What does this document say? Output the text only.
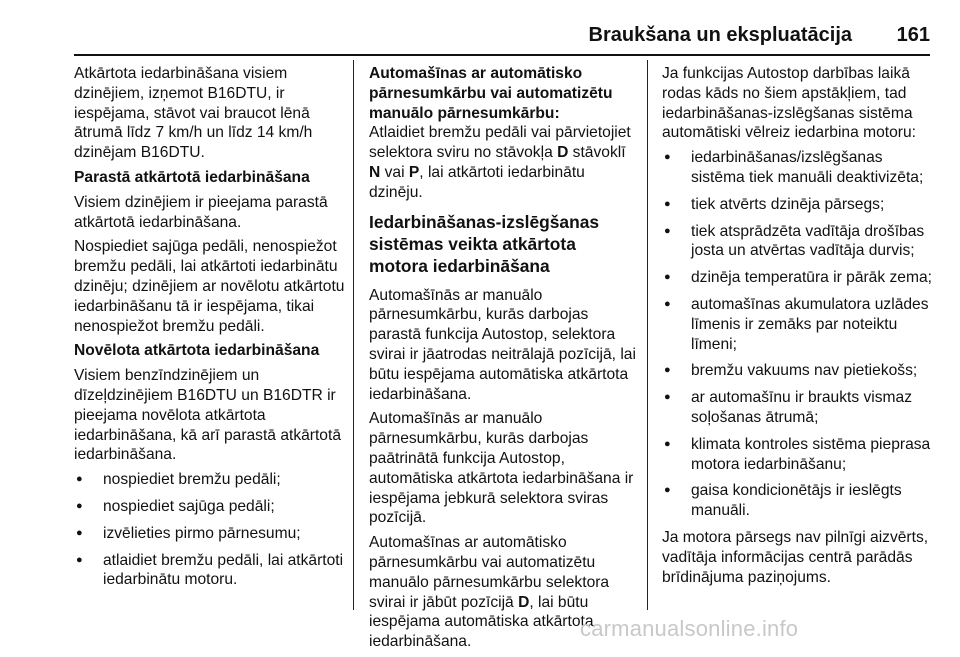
Braukšana un ekspluatācija 161

Atkārtota iedarbināšana visiem dzinējiem, izņemot B16DTU, ir iespējama, stāvot vai braucot lēnā ātrumā līdz 7 km/h un līdz 14 km/h dzinējam B16DTU.

Parastā atkārtotā iedarbināšana

Visiem dzinējiem ir pieejama parastā atkārtotā iedarbināšana.

Nospiediet sajūga pedāli, nenospiežot bremžu pedāli, lai atkārtoti iedarbinātu dzinēju; dzinējiem ar novēlotu atkārtotu iedarbināšanu tā ir iespējama, tikai nenospiežot bremžu pedāli.

Novēlota atkārtota iedarbināšana

Visiem benzīndzinējiem un dīzeļdzinējiem B16DTU un B16DTR ir pieejama novēlota atkārtota iedarbināšana, kā arī parastā atkārtotā iedarbināšana.

● nospiediet bremžu pedāli;
● nospiediet sajūga pedāli;
● izvēlieties pirmo pārnesumu;
● atlaidiet bremžu pedāli, lai atkārtoti iedarbinātu motoru.

Automašīnas ar automātisko pārnesumkārbu vai automatizētu manuālo pārnesumkārbu:

Atlaidiet bremžu pedāli vai pārvietojiet selektora sviru no stāvokļa D stāvoklī N vai P, lai atkārtoti iedarbinātu dzinēju.

Iedarbināšanas-izslēgšanas sistēmas veikta atkārtota motora iedarbināšana

Automašīnās ar manuālo pārnesumkārbu, kurās darbojas parastā funkcija Autostop, selektora svirai ir jāatrodas neitrālajā pozīcijā, lai būtu iespējama automātiska atkārtota iedarbināšana.

Automašīnās ar manuālo pārnesumkārbu, kurās darbojas paātrinātā funkcija Autostop, automātiska atkārtota iedarbināšana ir iespējama jebkurā selektora sviras pozīcijā.

Automašīnas ar automātisko pārnesumkārbu vai automatizētu manuālo pārnesumkārbu selektora svirai ir jābūt pozīcijā D, lai būtu iespējama automātiska atkārtota iedarbināšana.

Ja funkcijas Autostop darbības laikā rodas kāds no šiem apstākļiem, tad iedarbināšanas-izslēgšanas sistēma automātiski vēlreiz iedarbina motoru:

● iedarbināšanas/izslēgšanas sistēma tiek manuāli deaktivizēta;
● tiek atvērts dzinēja pārsegs;
● tiek atsprādzēta vadītāja drošības josta un atvērtas vadītāja durvis;
● dzinēja temperatūra ir pārāk zema;
● automašīnas akumulatora uzlādes līmenis ir zemāks par noteiktu līmeni;
● bremžu vakuums nav pietiekošs;
● ar automašīnu ir braukts vismaz soļošanas ātrumā;
● klimata kontroles sistēma pieprasa motora iedarbināšanu;
● gaisa kondicionētājs ir ieslēgts manuāli.

Ja motora pārsegs nav pilnīgi aizvērts, vadītāja informācijas centrā parādās brīdinājuma paziņojums.

carmanualsonline.info
